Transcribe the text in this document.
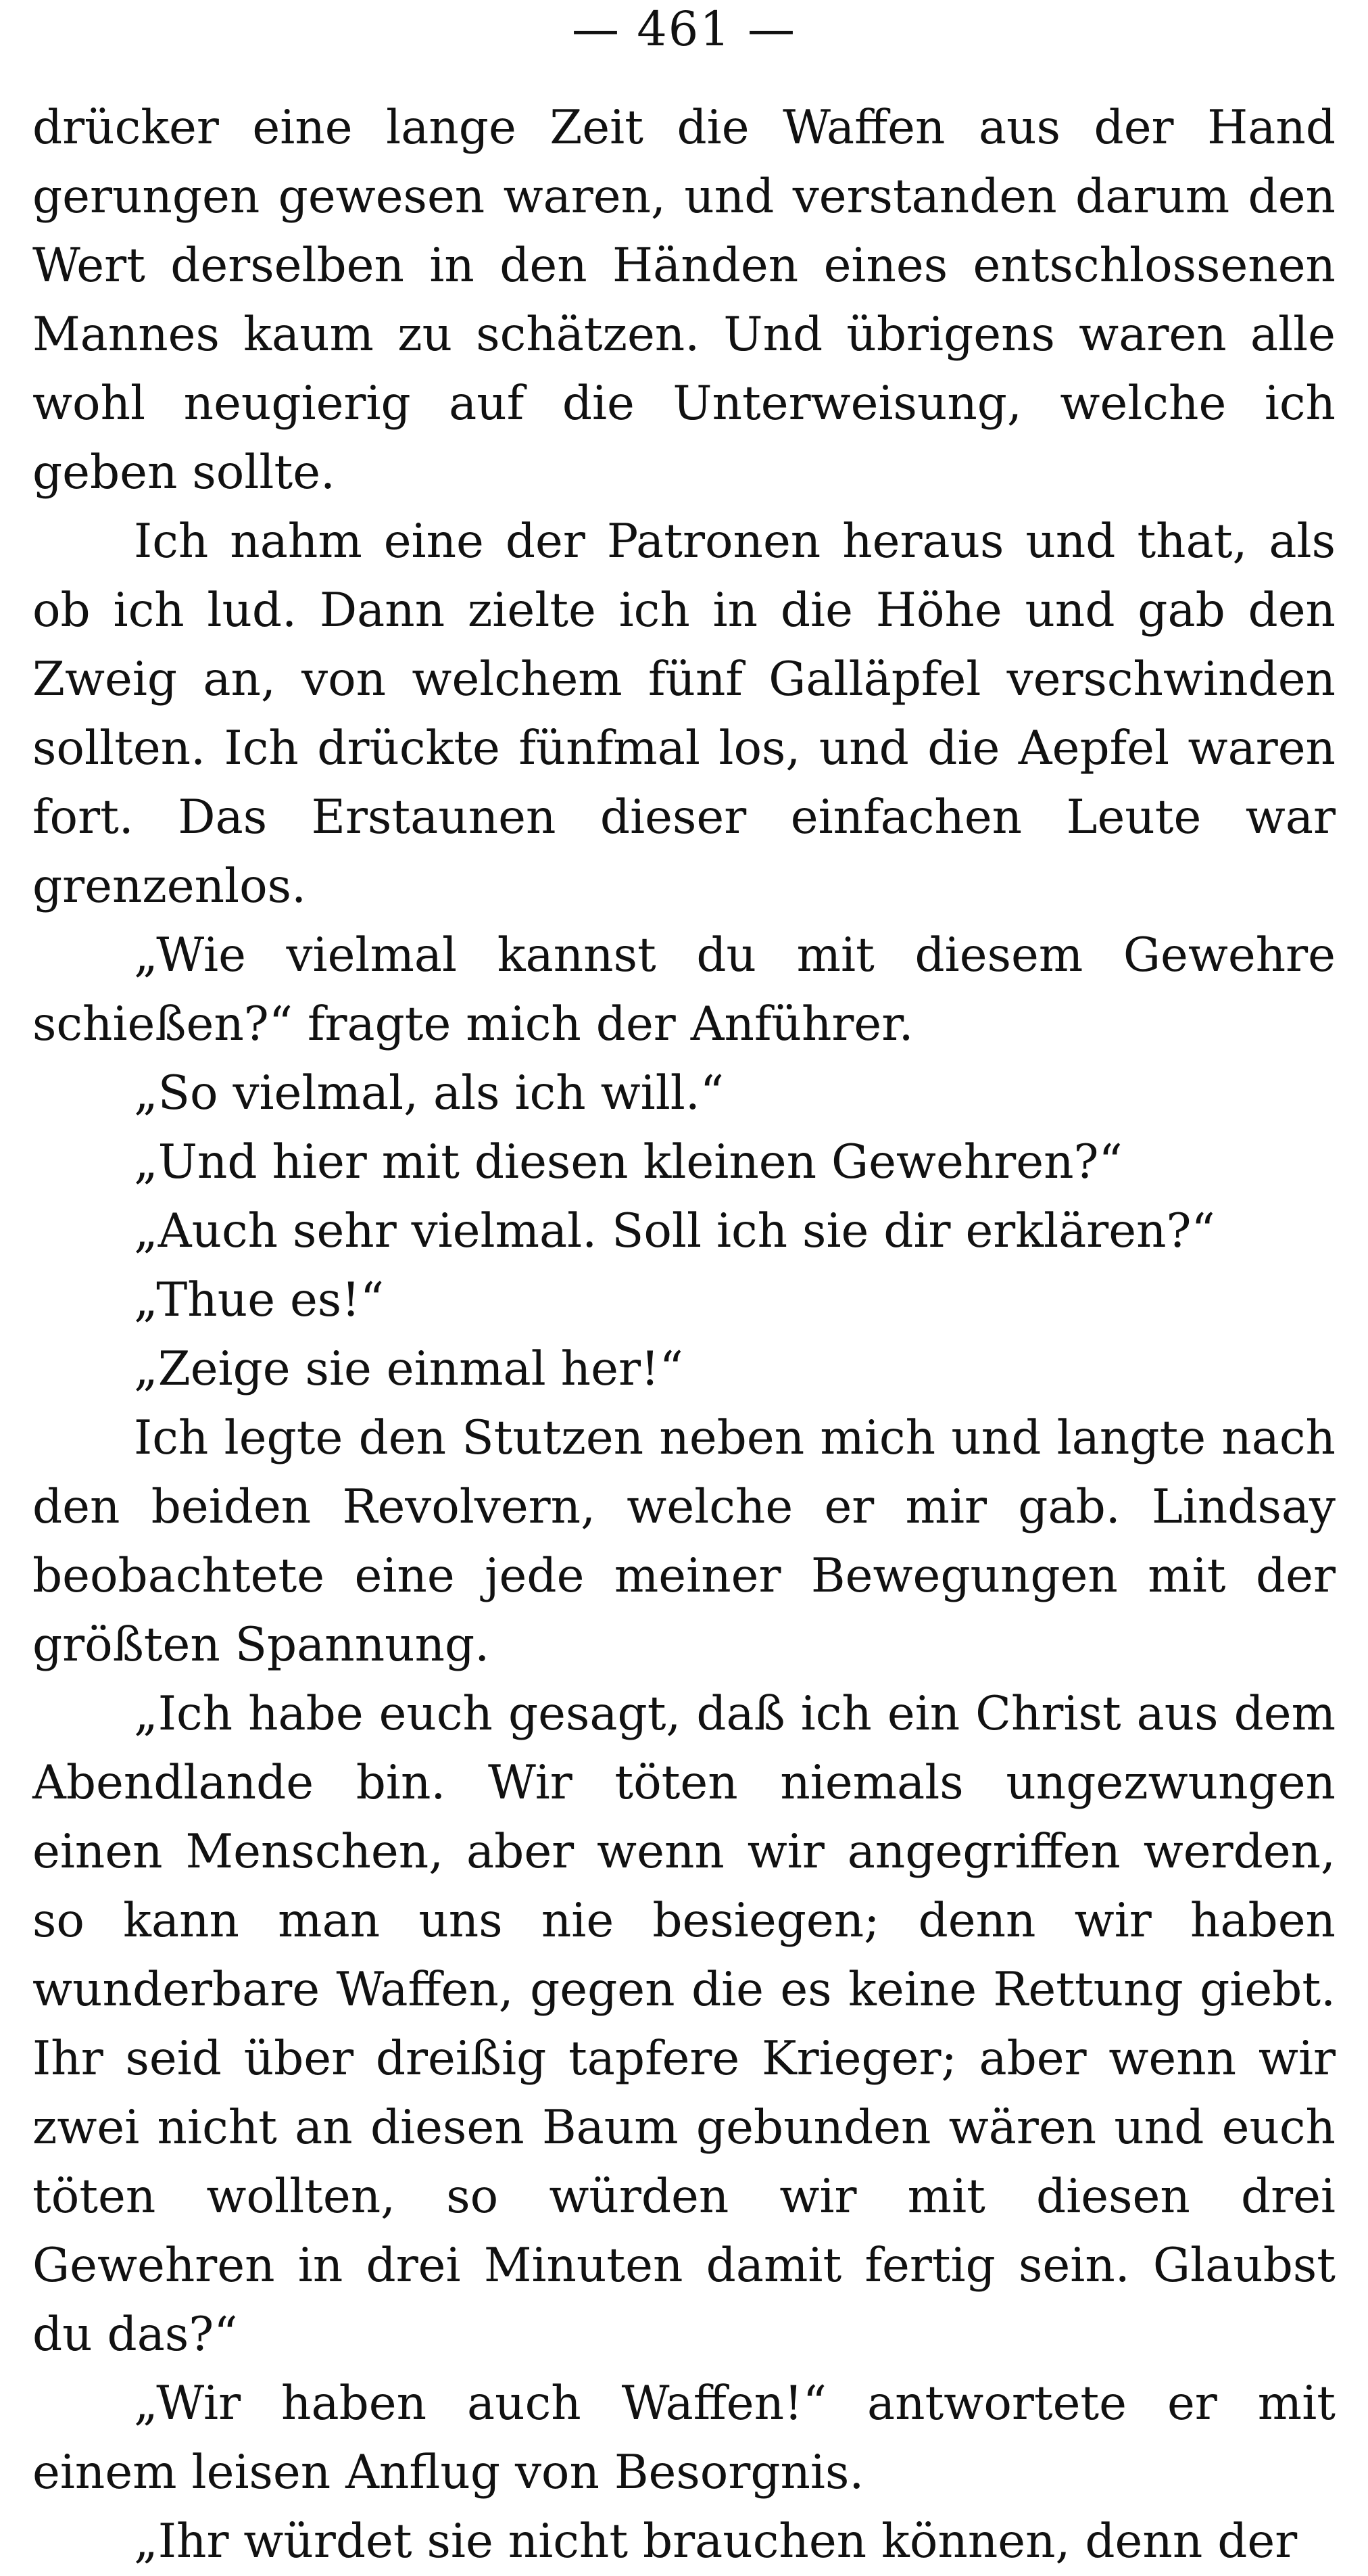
— 461 —

drücker eine lange Zeit die Waffen aus der Hand gerungen gewesen waren, und verstanden darum den Wert derselben in den Händen eines entschlossenen Mannes kaum zu schätzen. Und übrigens waren alle wohl neugierig auf die Unterweisung, welche ich geben sollte.

Ich nahm eine der Patronen heraus und that, als ob ich lud. Dann zielte ich in die Höhe und gab den Zweig an, von welchem fünf Galläpfel verschwinden sollten. Ich drückte fünfmal los, und die Aepfel waren fort. Das Erstaunen dieser einfachen Leute war grenzenlos.

„Wie vielmal kannst du mit diesem Gewehre schießen?“ fragte mich der Anführer.

„So vielmal, als ich will.“

„Und hier mit diesen kleinen Gewehren?“

„Auch sehr vielmal. Soll ich sie dir erklären?“

„Thue es!“

„Zeige sie einmal her!“

Ich legte den Stutzen neben mich und langte nach den beiden Revolvern, welche er mir gab. Lindsay beobachtete eine jede meiner Bewegungen mit der größten Spannung.

„Ich habe euch gesagt, daß ich ein Christ aus dem Abendlande bin. Wir töten niemals ungezwungen einen Menschen, aber wenn wir angegriffen werden, so kann man uns nie besiegen; denn wir haben wunderbare Waffen, gegen die es keine Rettung giebt. Ihr seid über dreißig tapfere Krieger; aber wenn wir zwei nicht an diesen Baum gebunden wären und euch töten wollten, so würden wir mit diesen drei Gewehren in drei Minuten damit fertig sein. Glaubst du das?“

„Wir haben auch Waffen!“ antwortete er mit einem leisen Anflug von Besorgnis.

„Ihr würdet sie nicht brauchen können, denn der
